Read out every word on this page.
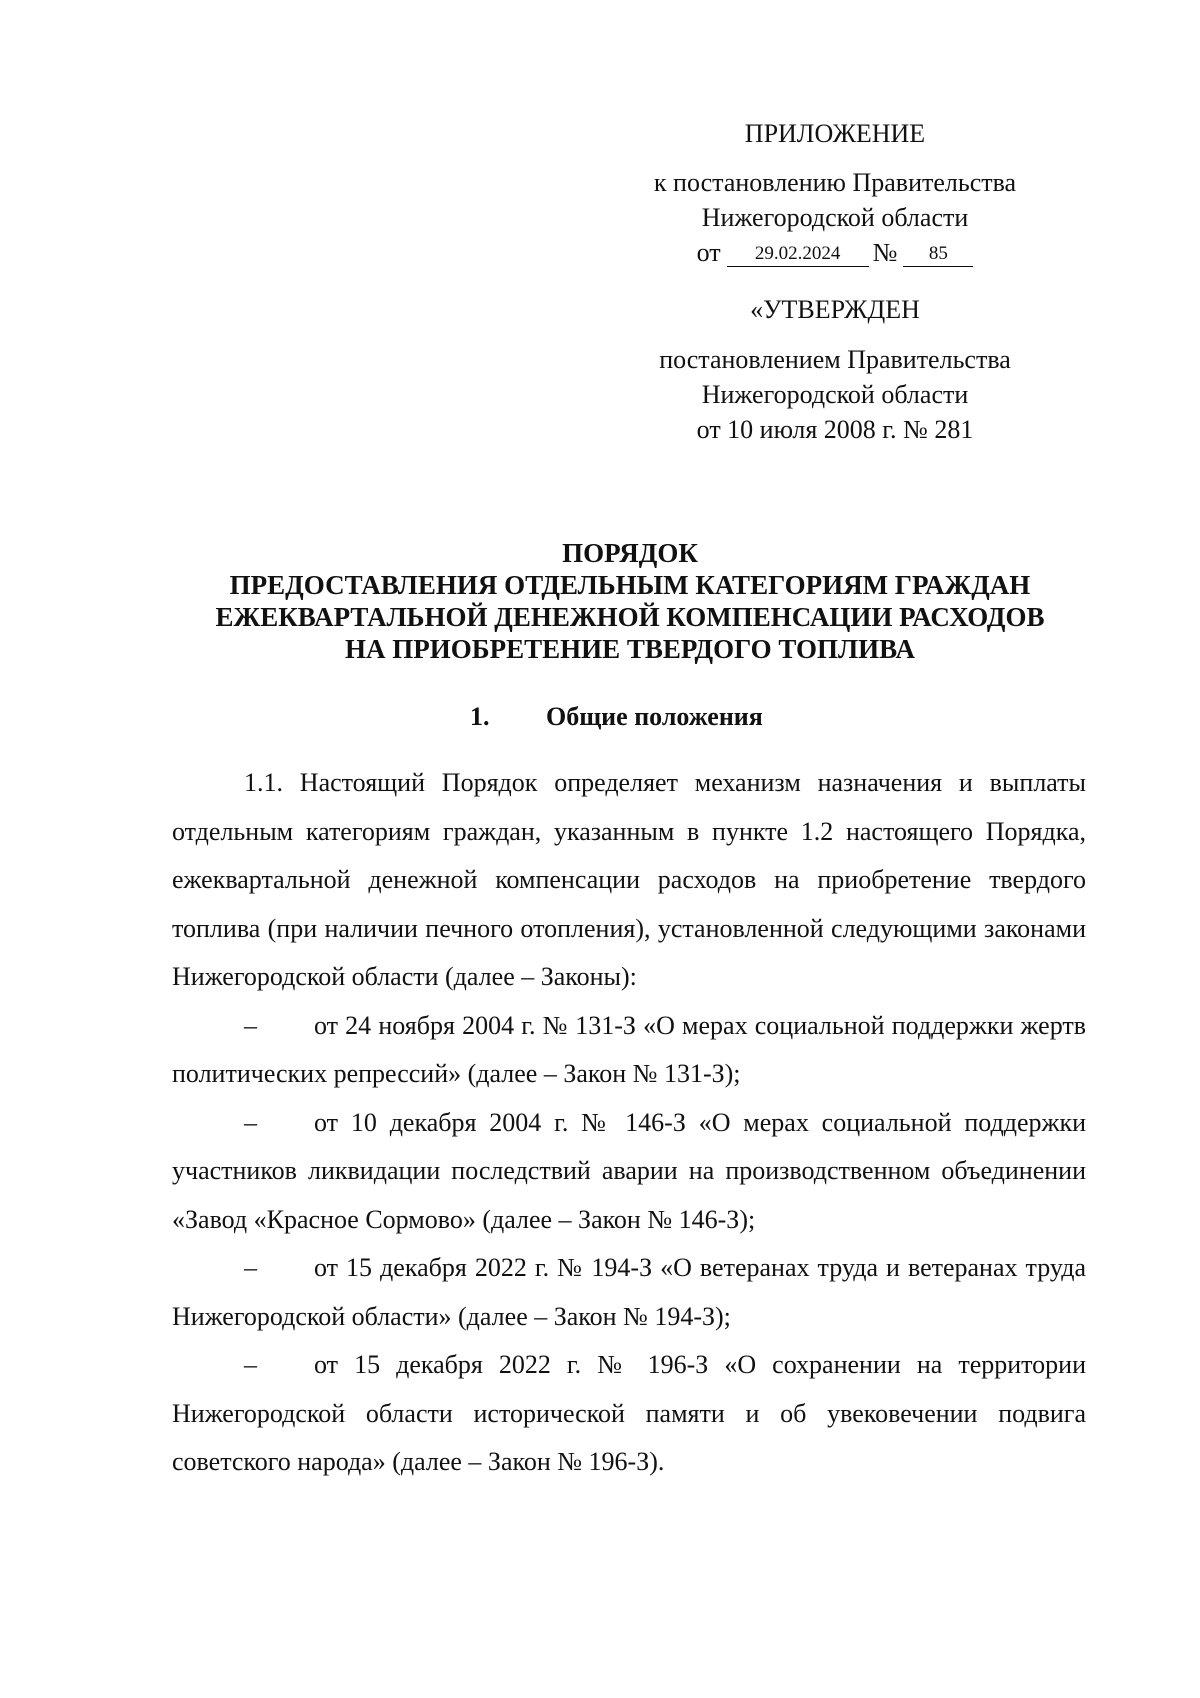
ПРИЛОЖЕНИЕ
к постановлению Правительства
Нижегородской области
от 29.02.2024 № 85
«УТВЕРЖДЕН
постановлением Правительства
Нижегородской области
от 10 июля 2008 г. № 281
ПОРЯДОК
ПРЕДОСТАВЛЕНИЯ ОТДЕЛЬНЫМ КАТЕГОРИЯМ ГРАЖДАН
ЕЖЕКВАРТАЛЬНОЙ ДЕНЕЖНОЙ КОМПЕНСАЦИИ РАСХОДОВ
НА ПРИОБРЕТЕНИЕ ТВЕРДОГО ТОПЛИВА
1. Общие положения

1.1. Настоящий Порядок определяет механизм назначения и выплаты отдельным категориям граждан, указанным в пункте 1.2 настоящего Порядка, ежеквартальной денежной компенсации расходов на приобретение твердого топлива (при наличии печного отопления), установленной следующими законами Нижегородской области (далее – Законы):

– от 24 ноября 2004 г. № 131-З «О мерах социальной поддержки жертв политических репрессий» (далее – Закон № 131-З);

– от 10 декабря 2004 г. № 146-З «О мерах социальной поддержки участников ликвидации последствий аварии на производственном объединении «Завод «Красное Сормово» (далее – Закон № 146-З);

– от 15 декабря 2022 г. № 194-З «О ветеранах труда и ветеранах труда Нижегородской области» (далее – Закон № 194-З);

– от 15 декабря 2022 г. № 196-З «О сохранении на территории Нижегородской области исторической памяти и об увековечении подвига советского народа» (далее – Закон № 196-З).
